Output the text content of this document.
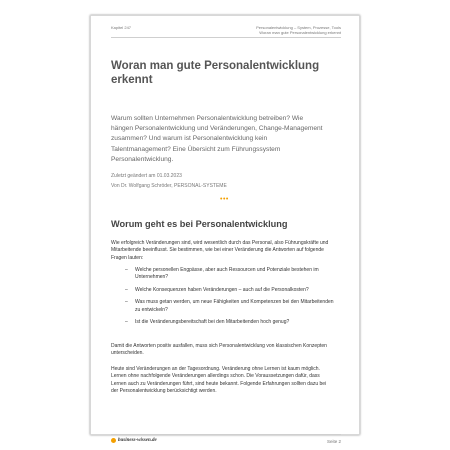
Kapitel 247	Personalentwicklung – System, Prozesse, Tools
Woran man gute Personalentwicklung erkennt
Woran man gute Personalentwicklung erkennt
Warum sollten Unternehmen Personalentwicklung betreiben? Wie hängen Personalentwicklung und Veränderungen, Change-Management zusammen? Und warum ist Personalentwicklung kein Talentmanagement? Eine Übersicht zum Führungssystem Personalentwicklung.
Zuletzt geändert am 01.03.2023
Von Dr. Wolfgang Schröder, PERSONAL-SYSTEME
•••
Worum geht es bei Personalentwicklung
Wie erfolgreich Veränderungen sind, wird wesentlich durch das Personal, also Führungskräfte und Mitarbeitende beeinflusst. Sie bestimmen, wie bei einer Veränderung die Antworten auf folgende Fragen lauten:
– Welche personellen Engpässe, aber auch Ressourcen und Potenziale bestehen im Unternehmen?
– Welche Konsequenzen haben Veränderungen – auch auf die Personalkosten?
– Was muss getan werden, um neue Fähigkeiten und Kompetenzen bei den Mitarbeitenden zu entwickeln?
– Ist die Veränderungsbereitschaft bei den Mitarbeitenden hoch genug?
Damit die Antworten positiv ausfallen, muss sich Personalentwicklung von klassischen Konzepten unterscheiden.
Heute sind Veränderungen an der Tagesordnung. Veränderung ohne Lernen ist kaum möglich. Lernen ohne nachfolgende Veränderungen allerdings schon. Die Voraussetzungen dafür, dass Lernen auch zu Veränderungen führt, sind heute bekannt. Folgende Erfahrungen sollten dazu bei der Personalentwicklung berücksichtigt werden.
business-wissen.de	Seite 2
